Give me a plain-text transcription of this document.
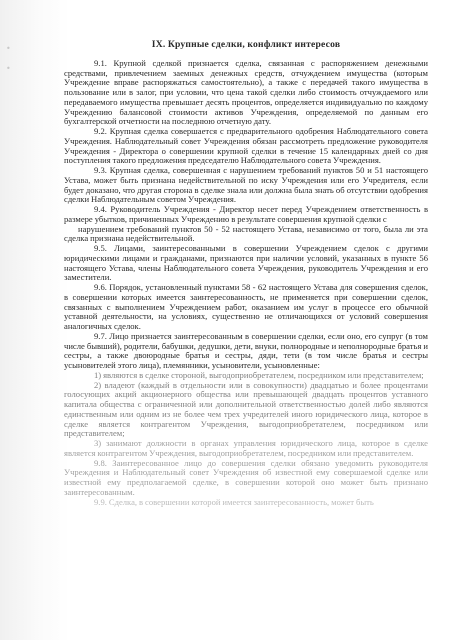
•

•
IX. Крупные сделки, конфликт интересов

9.1. Крупной сделкой признается сделка, связанная с распоряжением денежными средствами, привлечением заемных денежных средств, отчуждением имущества (которым Учреждение вправе распоряжаться самостоятельно), а также с передачей такого имущества в пользование или в залог, при условии, что цена такой сделки либо стоимость отчуждаемого или передаваемого имущества превышает десять процентов, определяется индивидуально по каждому Учреждению балансовой стоимости активов Учреждения, определяемой по данным его бухгалтерской отчетности на последнюю отчетную дату.

9.2. Крупная сделка совершается с предварительного одобрения Наблюдательного совета Учреждения. Наблюдательный совет Учреждения обязан рассмотреть предложение руководителя Учреждения - Директора о совершении крупной сделки в течение 15 календарных дней со дня поступления такого предложения председателю Наблюдательного совета Учреждения.

9.3. Крупная сделка, совершенная с нарушением требований пунктов 50 и 51 настоящего Устава, может быть признана недействительной по иску Учреждения или его Учредителя, если будет доказано, что другая сторона в сделке знала или должна была знать об отсутствии одобрения сделки Наблюдательным советом Учреждения.

9.4. Руководитель Учреждения - Директор несет перед Учреждением ответственность в размере убытков, причиненных Учреждению в результате совершения крупной сделки с

нарушением требований пунктов 50 - 52 настоящего Устава, независимо от того, была ли эта сделка признана недействительной.

9.5. Лицами, заинтересованными в совершении Учреждением сделок с другими юридическими лицами и гражданами, признаются при наличии условий, указанных в пункте 56 настоящего Устава, члены Наблюдательного совета Учреждения, руководитель Учреждения и его заместители.

9.6. Порядок, установленный пунктами 58 - 62 настоящего Устава для совершения сделок, в совершении которых имеется заинтересованность, не применяется при совершении сделок, связанных с выполнением Учреждением работ, оказанием им услуг в процессе его обычной уставной деятельности, на условиях, существенно не отличающихся от условий совершения аналогичных сделок.

9.7. Лицо признается заинтересованным в совершении сделки, если оно, его супруг (в том числе бывший), родители, бабушки, дедушки, дети, внуки, полнородные и неполнородные братья и сестры, а также двоюродные братья и сестры, дяди, тети (в том числе братья и сестры усыновителей этого лица), племянники, усыновители, усыновленные:

1) являются в сделке стороной, выгодоприобретателем, посредником или представителем;

2) владеют (каждый в отдельности или в совокупности) двадцатью и более процентами голосующих акций акционерного общества или превышающей двадцать процентов уставного капитала общества с ограниченной или дополнительной ответственностью долей либо являются единственным или одним из не более чем трех учредителей иного юридического лица, которое в сделке является контрагентом Учреждения, выгодоприобретателем, посредником или представителем;

3) занимают должности в органах управления юридического лица, которое в сделке является контрагентом Учреждения, выгодоприобретателем, посредником или представителем.

9.8. Заинтересованное лицо до совершения сделки обязано уведомить руководителя Учреждения и Наблюдательный совет Учреждения об известной ему совершаемой сделке или известной ему предполагаемой сделке, в совершении которой оно может быть признано заинтересованным.

9.9. Сделка, в совершении которой имеется заинтересованность, может быть
